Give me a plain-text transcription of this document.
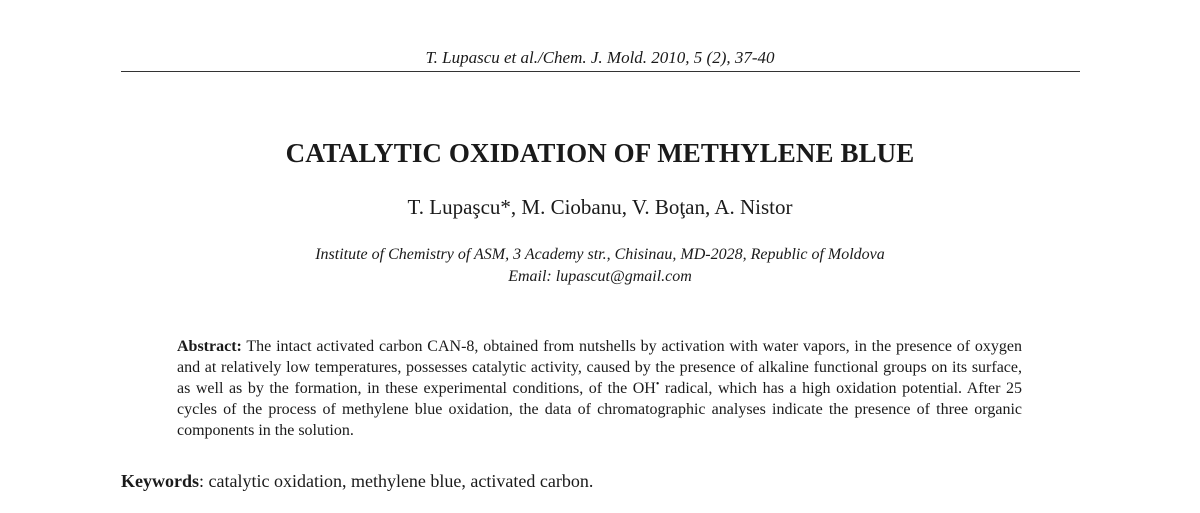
T. Lupascu et al./Chem. J. Mold. 2010, 5 (2), 37-40
CATALYTIC OXIDATION OF METHYLENE BLUE
T. Lupaşcu*, M. Ciobanu, V. Boţan, A. Nistor
Institute of Chemistry of ASM, 3 Academy str., Chisinau, MD-2028, Republic of Moldova
Email: lupascut@gmail.com

Abstract: The intact activated carbon CAN-8, obtained from nutshells by activation with water vapors, in the presence of oxygen and at relatively low temperatures, possesses catalytic activity, caused by the presence of alkaline functional groups on its surface, as well as by the formation, in these experimental conditions, of the OH• radical, which has a high oxidation potential. After 25 cycles of the process of methylene blue oxidation, the data of chromatographic analyses indicate the presence of three organic components in the solution.

Keywords: catalytic oxidation, methylene blue, activated carbon.
